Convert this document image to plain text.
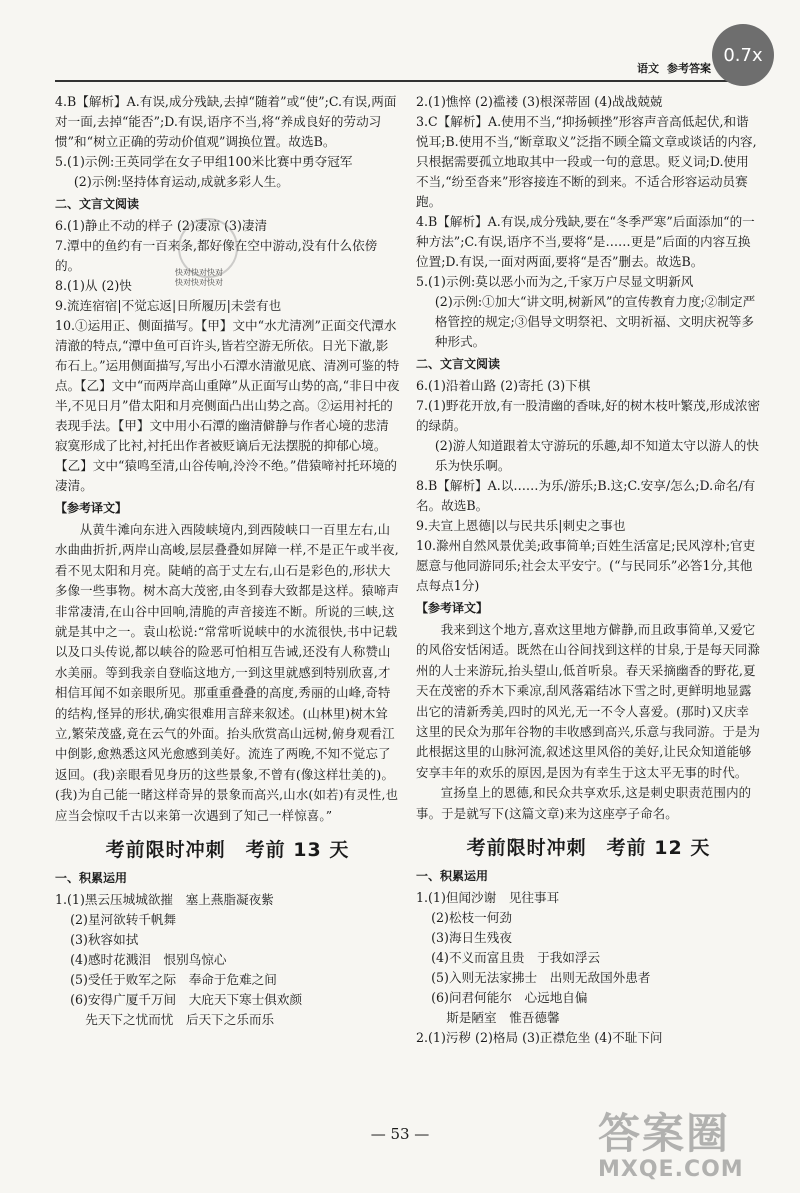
语文 参考答案
0.7x

4.B【解析】A.有误,成分残缺,去掉“随着”或“使”;C.有误,两面对一面,去掉“能否”;D.有误,语序不当,将“养成良好的劳动习惯”和“树立正确的劳动价值观”调换位置。故选B。

5.(1)示例:王英同学在女子甲组100米比赛中勇夺冠军

(2)示例:坚持体育运动,成就多彩人生。

二、文言文阅读

6.(1)静止不动的样子 (2)凄凉 (3)凄清

7.潭中的鱼约有一百来条,都好像在空中游动,没有什么依傍的。

8.(1)从 (2)快

9.流连宿宿|不觉忘返|日所履历|未尝有也

10.①运用正、侧面描写。【甲】文中“水尤清冽”正面交代潭水清澈的特点,“潭中鱼可百许头,皆若空游无所依。日光下澈,影布石上。”运用侧面描写,写出小石潭水清澈见底、清冽可鉴的特点。【乙】文中“而两岸高山重障”从正面写山势的高,“非日中夜半,不见日月”借太阳和月亮侧面凸出山势之高。②运用衬托的表现手法。【甲】文中用小石潭的幽清僻静与作者心境的悲清寂寞形成了比衬,衬托出作者被贬谪后无法摆脱的抑郁心境。【乙】文中“猿鸣至清,山谷传响,泠泠不绝。”借猿啼衬托环境的凄清。

【参考译文】

从黄牛滩向东进入西陵峡境内,到西陵峡口一百里左右,山水曲曲折折,两岸山高峻,层层叠叠如屏障一样,不是正午或半夜,看不见太阳和月亮。陡峭的高于丈左右,山石是彩色的,形状大多像一些事物。树木高大茂密,由冬到春大致都是这样。猿啼声非常凄清,在山谷中回响,清脆的声音接连不断。所说的三峡,这就是其中之一。袁山松说:“常常听说峡中的水流很快,书中记载以及口头传说,都以峡谷的险恶可怕相互告诫,还没有人称赞山水美丽。等到我亲自登临这地方,一到这里就感到特别欣喜,才相信耳闻不如亲眼所见。那重重叠叠的高度,秀丽的山峰,奇特的结构,怪异的形状,确实很难用言辞来叙述。(山林里)树木耸立,繁荣茂盛,竟在云气的外面。抬头欣赏高山远树,俯身观看江中倒影,愈熟悉这风光愈感到美好。流连了两晚,不知不觉忘了返回。(我)亲眼看见身历的这些景象,不曾有(像这样壮美的)。(我)为自己能一睹这样奇异的景象而高兴,山水(如若)有灵性,也应当会惊叹千古以来第一次遇到了知己一样惊喜。”

考前限时冲刺　考前 13 天

一、积累运用

1.(1)黑云压城城欲摧　塞上燕脂凝夜紫

(2)星河欲转千帆舞

(3)秋容如拭

(4)感时花溅泪　恨别鸟惊心

(5)受任于败军之际　奉命于危难之间

(6)安得广厦千万间　大庇天下寒士俱欢颜

先天下之忧而忧　后天下之乐而乐

2.(1)憔悴 (2)褴褛 (3)根深蒂固 (4)战战兢兢

3.C【解析】A.使用不当,“抑扬顿挫”形容声音高低起伏,和谐悦耳;B.使用不当,“断章取义”泛指不顾全篇文章或谈话的内容,只根据需要孤立地取其中一段或一句的意思。贬义词;D.使用不当,“纷至沓来”形容接连不断的到来。不适合形容运动员赛跑。

4.B【解析】A.有误,成分残缺,要在“冬季严寒”后面添加“的一种方法”;C.有误,语序不当,要将“是……更是”后面的内容互换位置;D.有误,一面对两面,要将“是否”删去。故选B。

5.(1)示例:莫以恶小而为之,千家万户尽显文明新风

(2)示例:①加大“讲文明,树新风”的宣传教育力度;②制定严格管控的规定;③倡导文明祭祀、文明祈福、文明庆祝等多种形式。

二、文言文阅读

6.(1)沿着山路 (2)寄托 (3)下棋

7.(1)野花开放,有一股清幽的香味,好的树木枝叶繁茂,形成浓密的绿荫。

(2)游人知道跟着太守游玩的乐趣,却不知道太守以游人的快乐为快乐啊。

8.B【解析】A.以……为乐/游乐;B.这;C.安享/怎么;D.命名/有名。故选B。

9.夫宣上恩德|以与民共乐|刺史之事也

10.滁州自然风景优美;政事简单;百姓生活富足;民风淳朴;官吏愿意与他同游同乐;社会太平安宁。(“与民同乐”必答1分,其他点每点1分)

【参考译文】

我来到这个地方,喜欢这里地方僻静,而且政事简单,又爱它的风俗安恬闲适。既然在山谷间找到这样的甘泉,于是每天同滁州的人士来游玩,抬头望山,低首听泉。春天采摘幽香的野花,夏天在茂密的乔木下乘凉,刮风落霜结冰下雪之时,更鲜明地显露出它的清新秀美,四时的风光,无一不令人喜爱。(那时)又庆幸这里的民众为那年谷物的丰收感到高兴,乐意与我同游。于是为此根据这里的山脉河流,叙述这里风俗的美好,让民众知道能够安享丰年的欢乐的原因,是因为有幸生于这太平无事的时代。

宣扬皇上的恩德,和民众共享欢乐,这是刺史职责范围内的事。于是就写下(这篇文章)来为这座亭子命名。

考前限时冲刺　考前 12 天

一、积累运用

1.(1)但闻沙谢　见往事耳

(2)松枝一何劲

(3)海日生残夜

(4)不义而富且贵　于我如浮云

(5)入则无法家拂士　出则无敌国外患者

(6)问君何能尔　心远地自偏

斯是陋室　惟吾德馨

2.(1)污秽 (2)格局 (3)正襟危坐 (4)不耻下问

快对快对快对
快对快对快对
— 53 —	答案圈
MXQE.COM
